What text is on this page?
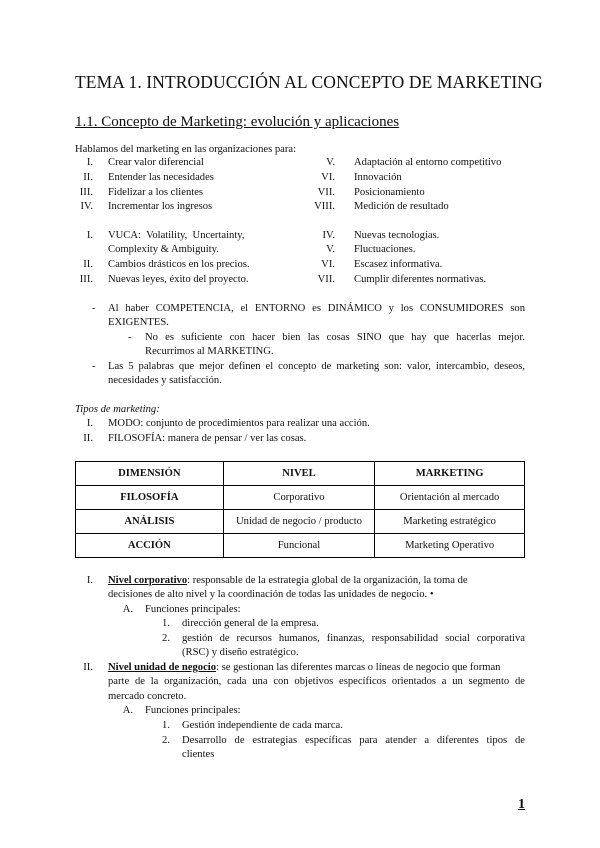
TEMA 1. INTRODUCCIÓN AL CONCEPTO DE MARKETING
1.1. Concepto de Marketing: evolución y aplicaciones
Hablamos del marketing en las organizaciones para:
I. Crear valor diferencial
II. Entender las necesidades
III. Fidelizar a los clientes
IV. Incrementar los ingresos
V. Adaptación al entorno competitivo
VI. Innovación
VII. Posicionamiento
VIII. Medición de resultado
I. VUCA:  Volatility,  Uncertainty,
Complexity & Ambiguity.
II. Cambios drásticos en los precios.
III. Nuevas leyes, éxito del proyecto.
IV. Nuevas tecnologías.
V. Fluctuaciones.
VI. Escasez informativa.
VII. Cumplir diferentes normativas.
- Al haber COMPETENCIA, el ENTORNO es DINÁMICO y los CONSUMIDORES son
EXIGENTES.
- No es suficiente con hacer bien las cosas SINO que hay que hacerlas mejor.
Recurrimos al MARKETING.
- Las 5 palabras que mejor definen el concepto de marketing son: valor, intercambio, deseos,
necesidades y satisfacción.
Tipos de marketing:
I. MODO: conjunto de procedimientos para realizar una acción.
II. FILOSOFÍA: manera de pensar / ver las cosas.
DIMENSIÓN	NIVEL	MARKETING
FILOSOFÍA	Corporativo	Orientación al mercado
ANÁLISIS	Unidad de negocio / producto	Marketing estratégico
ACCIÓN	Funcional	Marketing Operativo
I. Nivel corporativo: responsable de la estrategia global de la organización, la toma de
decisiones de alto nivel y la coordinación de todas las unidades de negocio. •
A. Funciones principales:
1. dirección general de la empresa.
2. gestión de recursos humanos, finanzas, responsabilidad social corporativa
(RSC) y diseño estratégico.
II. Nivel unidad de negocio: se gestionan las diferentes marcas o líneas de negocio que forman
parte de la organización, cada una con objetivos específicos orientados a un segmento de
mercado concreto.
A. Funciones principales:
1. Gestión independiente de cada marca.
2. Desarrollo de estrategias específicas para atender a diferentes tipos de
clientes
1
